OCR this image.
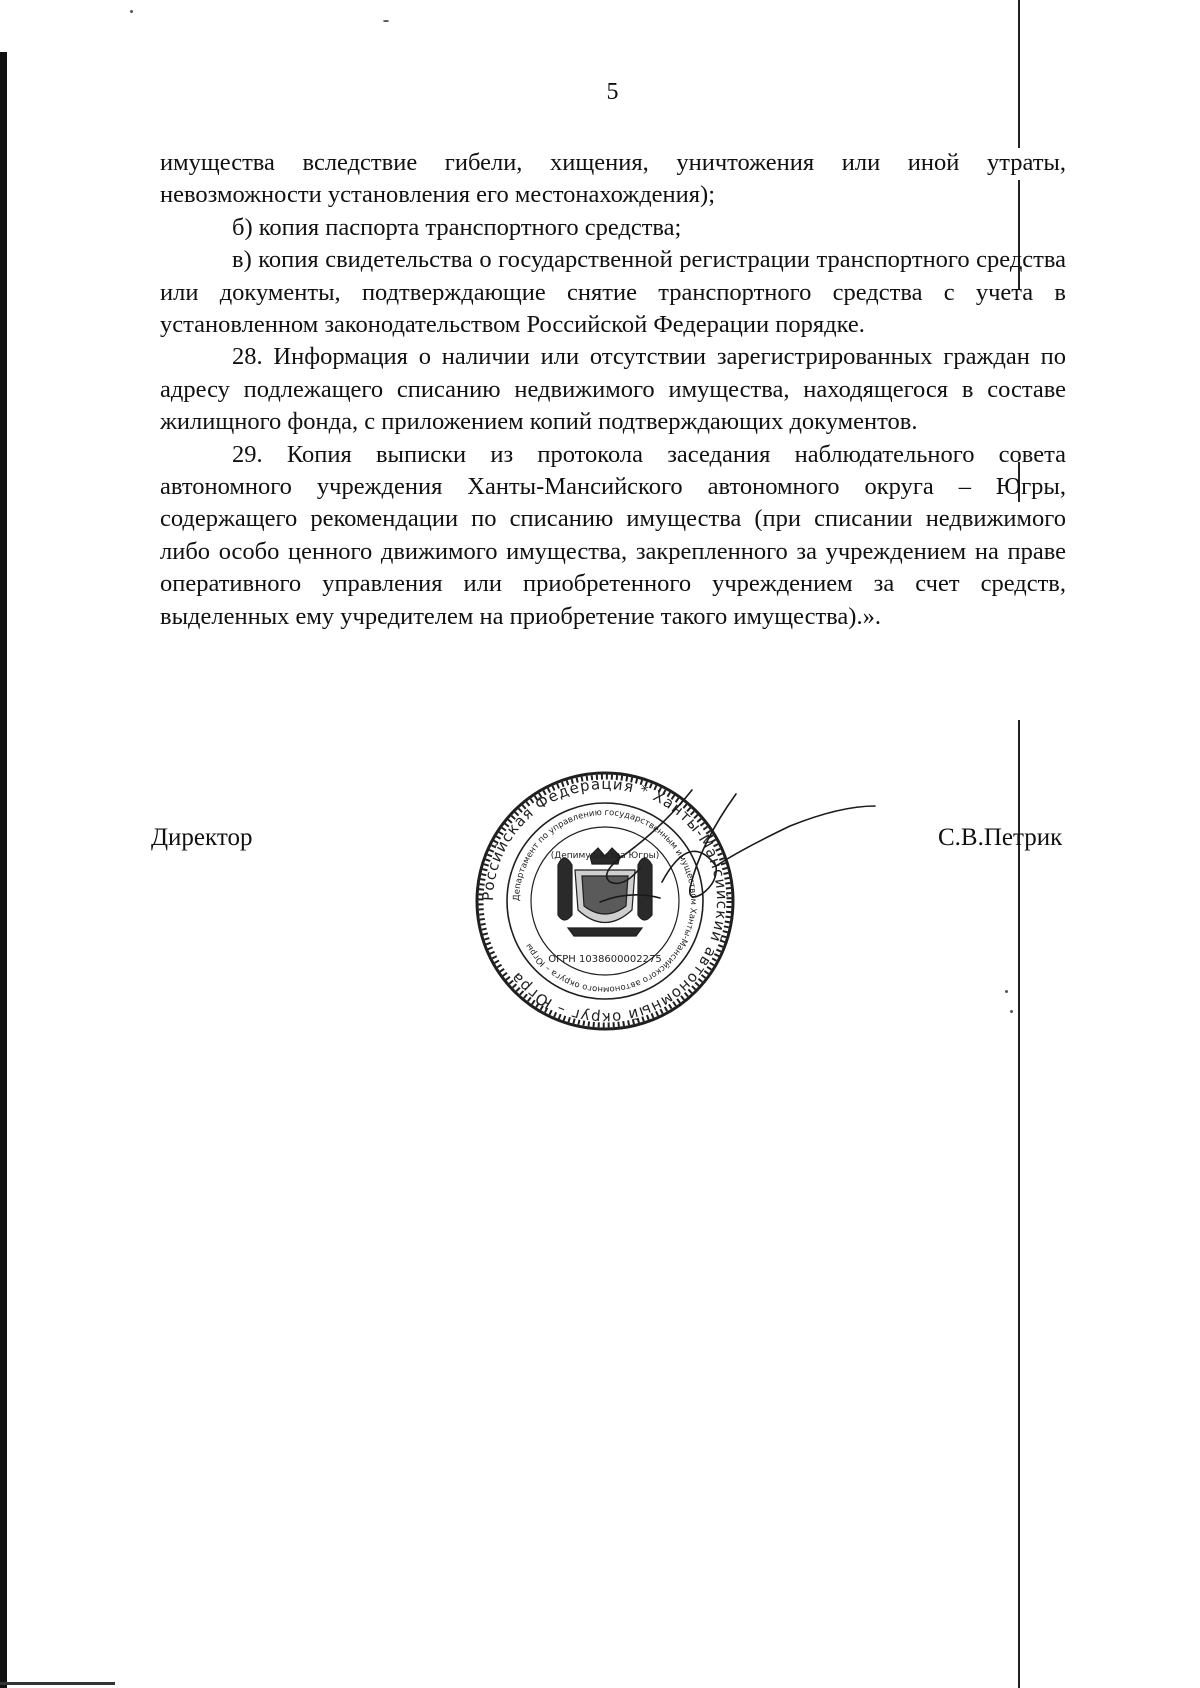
5

имущества вследствие гибели, хищения, уничтожения или иной утраты, невозможности установления его местонахождения);

б) копия паспорта транспортного средства;

в) копия свидетельства о государственной регистрации транспортного средства или документы, подтверждающие снятие транспортного средства с учета в установленном законодательством Российской Федерации порядке.

28. Информация о наличии или отсутствии зарегистрированных граждан по адресу подлежащего списанию недвижимого имущества, находящегося в составе жилищного фонда, с приложением копий подтверждающих документов.

29. Копия выписки из протокола заседания наблюдательного совета автономного учреждения Ханты-Мансийского автономного округа – Югры, содержащего рекомендации по списанию имущества (при списании недвижимого либо особо ценного движимого имущества, закрепленного за учреждением на праве оперативного управления или приобретенного учреждением за счет средств, выделенных ему учредителем на приобретение такого имущества).».

Директор	С.В.Петрик
Российская Федерация * Ханты-Мансийский автономный округ – Югра
Департамент по управлению государственным имуществом Ханты-Мансийского автономного округа – Югры
(Депимущества Югры)
ОГРН 1038600002275
